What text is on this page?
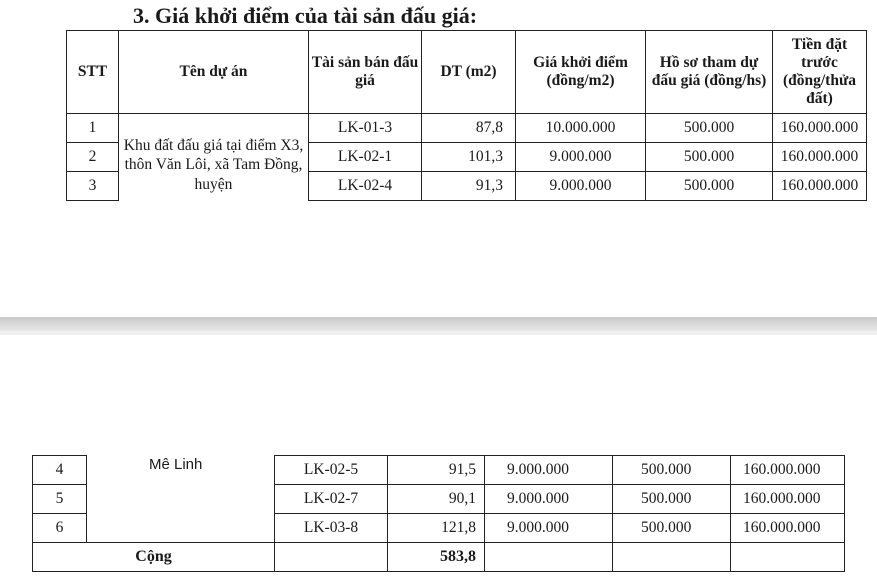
3. Giá khởi điểm của tài sản đấu giá:
STT	Tên dự án	Tài sản bán đấu giá	DT (m2)	Giá khởi điểm (đồng/m2)	Hồ sơ tham dự đấu giá (đồng/hs)	Tiền đặt trước (đồng/thửa đất)
1	Khu đất đấu giá tại điểm X3, thôn Văn Lôi, xã Tam Đồng, huyện	LK-01-3	87,8	10.000.000	500.000	160.000.000
2		LK-02-1	101,3	9.000.000	500.000	160.000.000
3		LK-02-4	91,3	9.000.000	500.000	160.000.000
4	Mê Linh	LK-02-5	91,5	9.000.000	500.000	160.000.000
5		LK-02-7	90,1	9.000.000	500.000	160.000.000
6		LK-03-8	121,8	9.000.000	500.000	160.000.000
Cộng			583,8			
